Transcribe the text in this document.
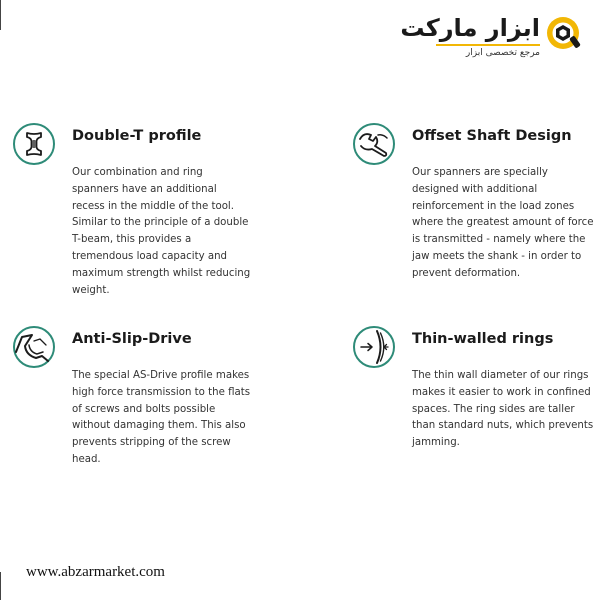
ابزار مارکت
مرجع تخصصی ابزار
Double-T profile
Our combination and ring spanners have an additional recess in the middle of the tool. Similar to the principle of a double T-beam, this provides a tremendous load capacity and maximum strength whilst reducing weight.
Offset Shaft Design
Our spanners are specially designed with additional reinforcement in the load zones where the greatest amount of force is transmitted - namely where the jaw meets the shank - in order to prevent deformation.
Anti-Slip-Drive
The special AS-Drive profile makes high force transmission to the flats of screws and bolts possible without damaging them. This also prevents stripping of the screw head.
Thin-walled rings
The thin wall diameter of our rings makes it easier to work in confined spaces. The ring sides are taller than standard nuts, which prevents jamming.
www.abzarmarket.com
